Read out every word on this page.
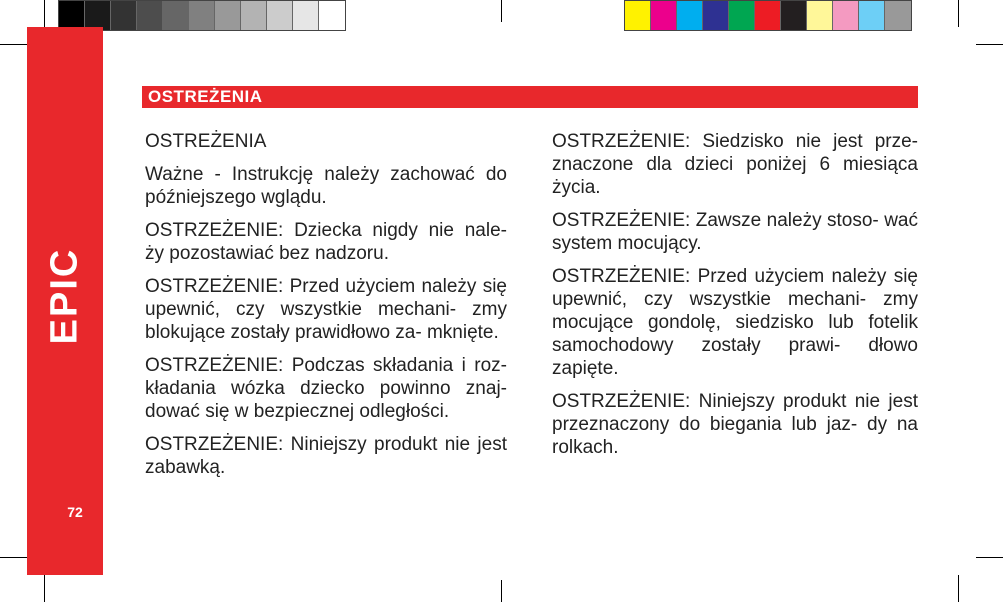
EPIC
72
OSTREŻENIA

OSTREŻENIA

Ważne - Instrukcję należy zachować do późniejszego wglądu.

OSTRZEŻENIE: Dziecka nigdy nie nale- ży pozostawiać bez nadzoru.

OSTRZEŻENIE: Przed użyciem należy się upewnić, czy wszystkie mechani- zmy blokujące zostały prawidłowo za- mknięte.

OSTRZEŻENIE: Podczas składania i roz- kładania wózka dziecko powinno znaj- dować się w bezpiecznej odległości.

OSTRZEŻENIE: Niniejszy produkt nie jest zabawką.

OSTRZEŻENIE: Siedzisko nie jest prze- znaczone dla dzieci poniżej 6 miesiąca życia.

OSTRZEŻENIE: Zawsze należy stoso- wać system mocujący.

OSTRZEŻENIE: Przed użyciem należy się upewnić, czy wszystkie mechani- zmy mocujące gondolę, siedzisko lub fotelik samochodowy zostały prawi- dłowo zapięte.

OSTRZEŻENIE: Niniejszy produkt nie jest przeznaczony do biegania lub jaz- dy na rolkach.
